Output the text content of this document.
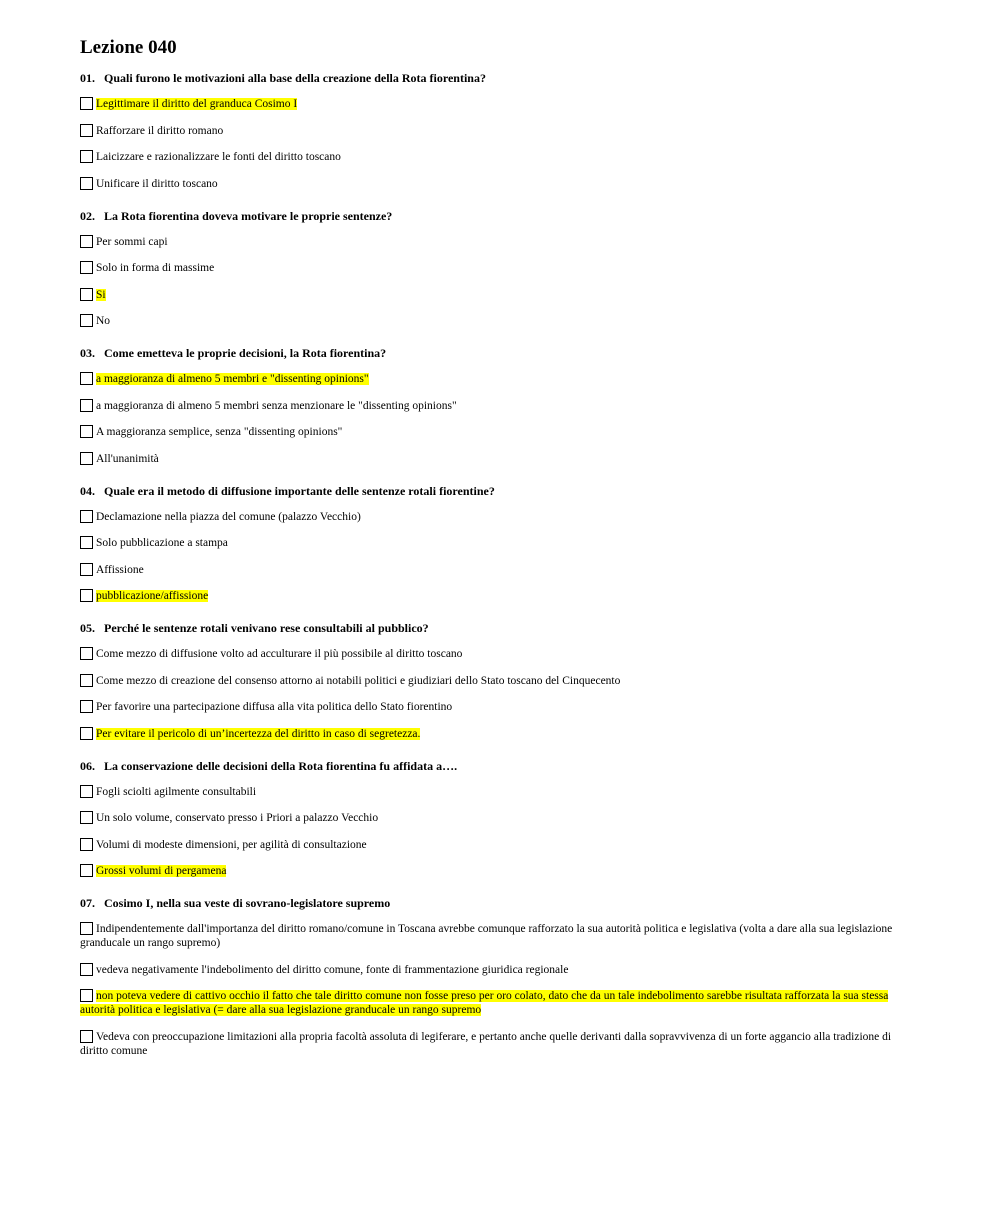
Lezione 040
01. Quali furono le motivazioni alla base della creazione della Rota fiorentina?
Legittimare il diritto del granduca Cosimo I
Rafforzare il diritto romano
Laicizzare e razionalizzare le fonti del diritto toscano
Unificare il diritto toscano
02. La Rota fiorentina doveva motivare le proprie sentenze?
Per sommi capi
Solo in forma di massime
Si
No
03. Come emetteva le proprie decisioni, la Rota fiorentina?
a maggioranza di almeno 5 membri e "dissenting opinions"
a maggioranza di almeno 5 membri senza menzionare le "dissenting opinions"
A maggioranza semplice, senza "dissenting opinions"
All'unanimità
04. Quale era il metodo di diffusione importante delle sentenze rotali fiorentine?
Declamazione nella piazza del comune (palazzo Vecchio)
Solo pubblicazione a stampa
Affissione
pubblicazione/affissione
05. Perché le sentenze rotali venivano rese consultabili al pubblico?
Come mezzo di diffusione volto ad acculturare il più possibile al diritto toscano
Come mezzo di creazione del consenso attorno ai notabili politici e giudiziari dello Stato toscano del Cinquecento
Per favorire una partecipazione diffusa alla vita politica dello Stato fiorentino
Per evitare il pericolo di un’incertezza del diritto in caso di segretezza.
06. La conservazione delle decisioni della Rota fiorentina fu affidata a….
Fogli sciolti agilmente consultabili
Un solo volume, conservato presso i Priori a palazzo Vecchio
Volumi di modeste dimensioni, per agilità di consultazione
Grossi volumi di pergamena
07. Cosimo I, nella sua veste di sovrano-legislatore supremo
Indipendentemente dall'importanza del diritto romano/comune in Toscana avrebbe comunque rafforzato la sua autorità politica e legislativa (volta a dare alla sua legislazione granducale un rango supremo)
vedeva negativamente l'indebolimento del diritto comune, fonte di frammentazione giuridica regionale
non poteva vedere di cattivo occhio il fatto che tale diritto comune non fosse preso per oro colato, dato che da un tale indebolimento sarebbe risultata rafforzata la sua stessa autorità politica e legislativa (= dare alla sua legislazione granducale un rango supremo
Vedeva con preoccupazione limitazioni alla propria facoltà assoluta di legiferare, e pertanto anche quelle derivanti dalla sopravvivenza di un forte aggancio alla tradizione di diritto comune
